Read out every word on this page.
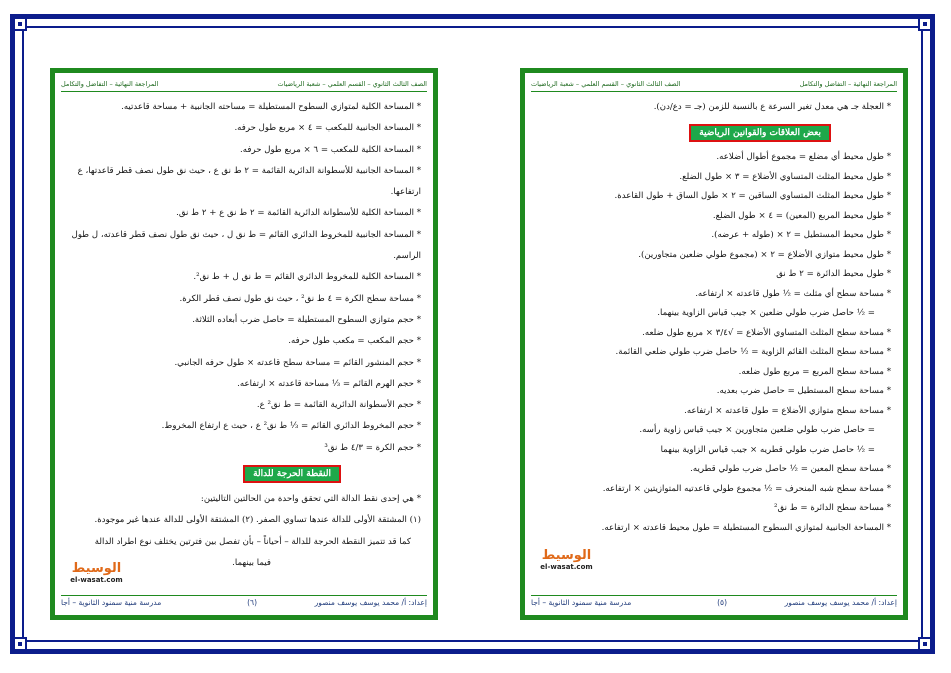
الصف الثالث الثانوي – القسم العلمي – شعبة الرياضيات
المراجعة النهائية – التفاضل والتكامل
* المساحة الكلية لمتوازي السطوح المستطيلة = مساحته الجانبية + مساحة قاعدتيه.
* المساحة الجانبية للمكعب = ٤ × مربع طول حرفه.
* المساحة الكلية للمكعب = ٦ × مربع طول حرفه.
* المساحة الجانبية للأسطوانة الدائرية القائمة = ٢ ط نق ع ، حيث نق طول نصف قطر قاعدتها، ع
ارتفاعها.
* المساحة الكلية للأسطوانة الدائرية القائمة = ٢ ط نق ع + ٢ ط نق.
* المساحة الجانبية للمخروط الدائري القائم = ط نق ل ، حيث نق طول نصف قطر قاعدته، ل طول
الراسم.
* المساحة الكلية للمخروط الدائري القائم = ط نق ل + ط نق².
* مساحة سطح الكرة = ٤ ط نق² ، حيث نق طول نصف قطر الكرة.
* حجم متوازي السطوح المستطيلة = حاصل ضرب أبعاده الثلاثة.
* حجم المكعب = مكعب طول حرفه.
* حجم المنشور القائم = مساحة سطح قاعدته × طول حرفه الجانبي.
* حجم الهرم القائم = ⅓ مساحة قاعدته × ارتفاعه.
* حجم الأسطوانة الدائرية القائمة = ط نق² ع.
* حجم المخروط الدائري القائم = ⅓ ط نق² ع ، حيث ع ارتفاع المخروط.
* حجم الكرة = ٤/٣ ط نق³
النقطة الحرجة للدالة
* هي إحدى نقط الدالة التي تحقق واحدة من الحالتين التاليتين:
(١) المشتقة الأولى للدالة عندها تساوي الصفر. (٢) المشتقة الأولى للدالة عندها غير موجودة.
كما قد تتميز النقطة الحرجة للدالة – أحياناً – بأن تفصل بين فترتين يختلف نوع اطراد الدالة
فيما بينهما.
الوسيط
el-wasat.com
إعداد: أ/ محمد يوسف يوسف منصور
(٦)
مدرسة منية سمنود الثانوية – أجا
المراجعة النهائية – التفاضل والتكامل
الصف الثالث الثانوي – القسم العلمي – شعبة الرياضيات
* العجلة جـ هي معدل تغير السرعة ع بالنسبة للزمن (جـ = دع/دن).
بعض العلاقات والقوانين الرياضية
* طول محيط أي مضلع = مجموع أطوال أضلاعه.
* طول محيط المثلث المتساوي الأضلاع = ٣ × طول الضلع.
* طول محيط المثلث المتساوي الساقين = ٢ × طول الساق + طول القاعدة.
* طول محيط المربع (المعين) = ٤ × طول الضلع.
* طول محيط المستطيل = ٢ × (طوله + عرضه).
* طول محيط متوازي الأضلاع = ٢ × (مجموع طولي ضلعين متجاورين).
* طول محيط الدائرة = ٢ ط نق
* مساحة سطح أي مثلث = ½ طول قاعدته × ارتفاعه.
= ½ حاصل ضرب طولي ضلعين × جيب قياس الزاوية بينهما.
* مساحة سطح المثلث المتساوي الأضلاع = √٣/٤ × مربع طول ضلعه.
* مساحة سطح المثلث القائم الزاوية = ½ حاصل ضرب طولي ضلعي القائمة.
* مساحة سطح المربع = مربع طول ضلعه.
* مساحة سطح المستطيل = حاصل ضرب بعديه.
* مساحة سطح متوازي الأضلاع = طول قاعدته × ارتفاعه.
= حاصل ضرب طولي ضلعين متجاورين × جيب قياس زاوية رأسه.
= ½ حاصل ضرب طولي قطريه × جيب قياس الزاوية بينهما
* مساحة سطح المعين = ½ حاصل ضرب طولي قطريه.
* مساحة سطح شبه المنحرف = ½ مجموع طولي قاعدتيه المتوازيتين × ارتفاعه.
* مساحة سطح الدائرة = ط نق²
* المساحة الجانبية لمتوازي السطوح المستطيلة = طول محيط قاعدته × ارتفاعه.
الوسيط
el-wasat.com
إعداد: أ/ محمد يوسف يوسف منصور
(٥)
مدرسة منية سمنود الثانوية – أجا
